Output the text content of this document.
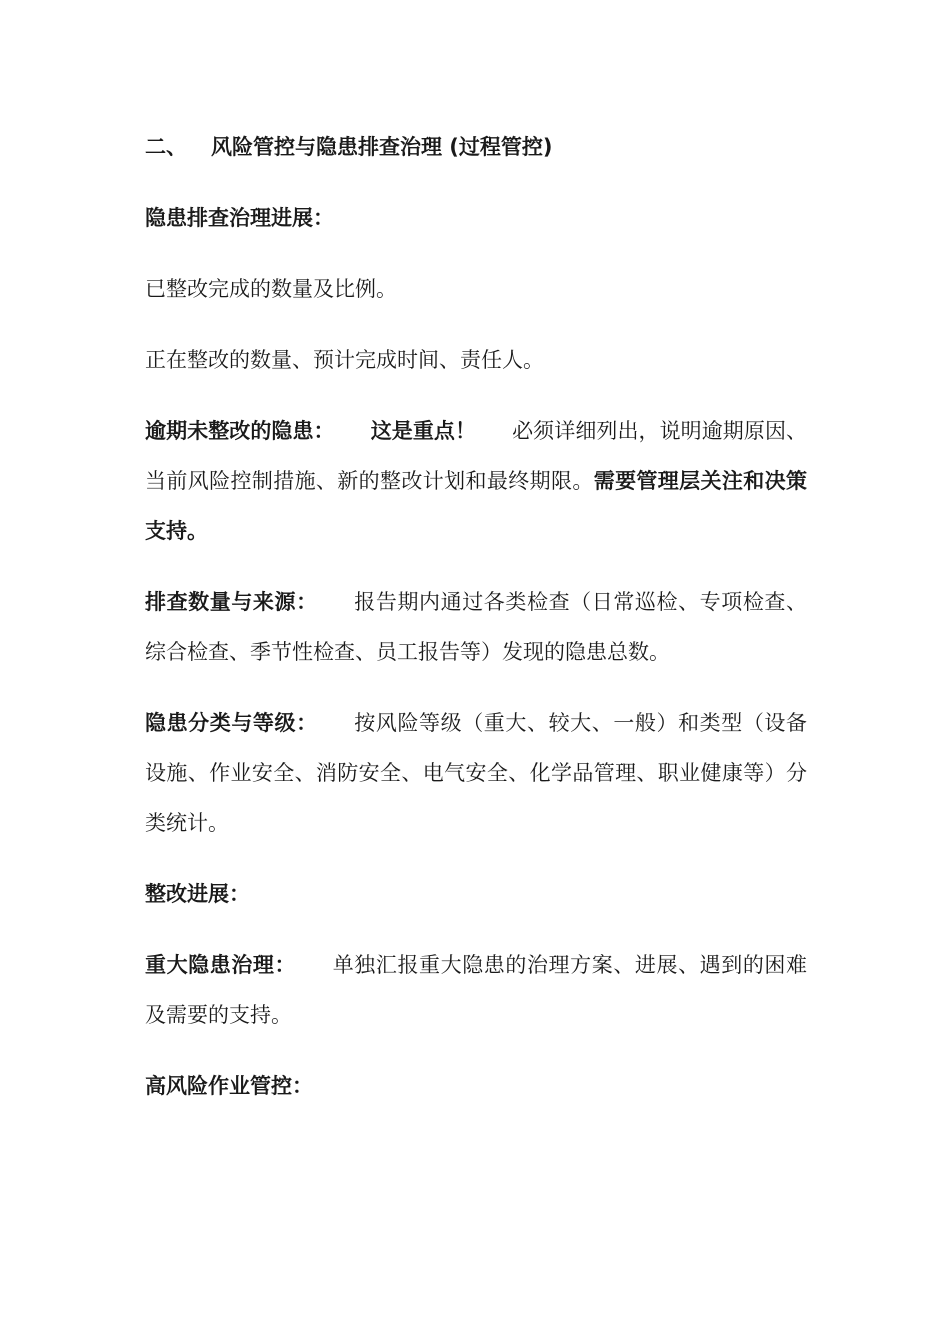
二、 风险管控与隐患排查治理 (过程管控)
隐患排查治理进展：
已整改完成的数量及比例。
正在整改的数量、预计完成时间、责任人。
逾期未整改的隐患： 这是重点！ 必须详细列出，说明逾期原因、当前风险控制措施、新的整改计划和最终期限。需要管理层关注和决策支持。
排查数量与来源： 报告期内通过各类检查（日常巡检、专项检查、综合检查、季节性检查、员工报告等）发现的隐患总数。
隐患分类与等级： 按风险等级（重大、较大、一般）和类型（设备设施、作业安全、消防安全、电气安全、化学品管理、职业健康等）分类统计。
整改进展：
重大隐患治理： 单独汇报重大隐患的治理方案、进展、遇到的困难及需要的支持。
高风险作业管控：
